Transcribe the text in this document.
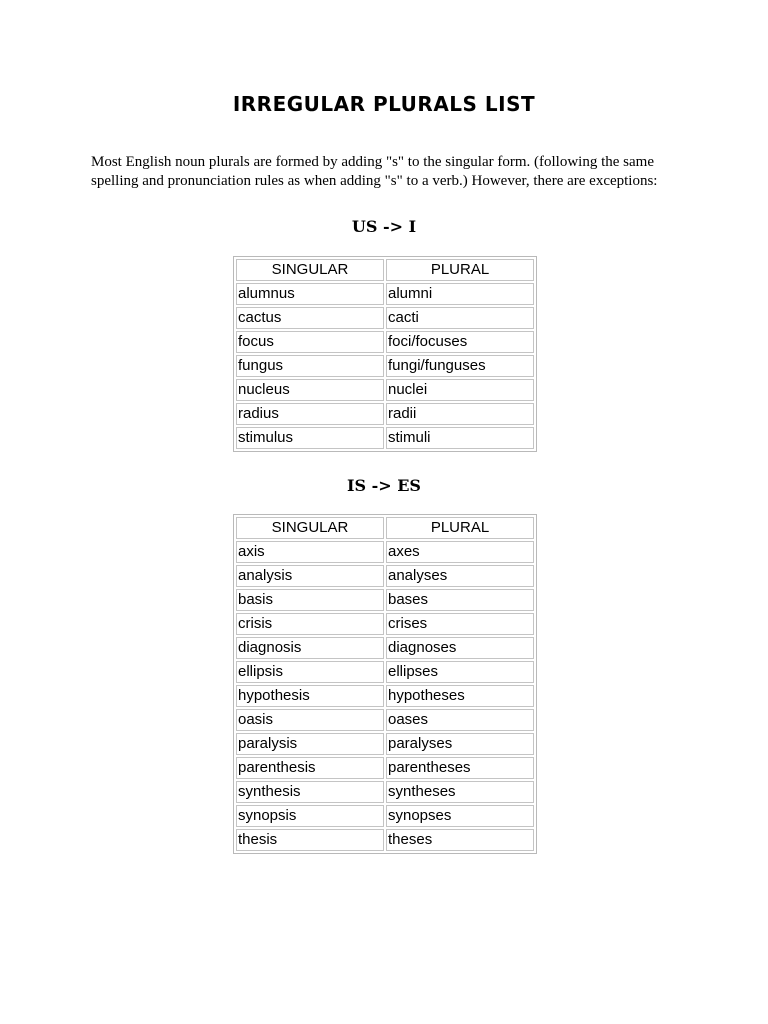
IRREGULAR PLURALS LIST

Most English noun plurals are formed by adding "s" to the singular form. (following the same spelling and pronunciation rules as when adding "s" to a verb.) However, there are exceptions:

US -> I
SINGULAR	PLURAL
alumnus	alumni
cactus	cacti
focus	foci/focuses
fungus	fungi/funguses
nucleus	nuclei
radius	radii
stimulus	stimuli
IS -> ES
SINGULAR	PLURAL
axis	axes
analysis	analyses
basis	bases
crisis	crises
diagnosis	diagnoses
ellipsis	ellipses
hypothesis	hypotheses
oasis	oases
paralysis	paralyses
parenthesis	parentheses
synthesis	syntheses
synopsis	synopses
thesis	theses
